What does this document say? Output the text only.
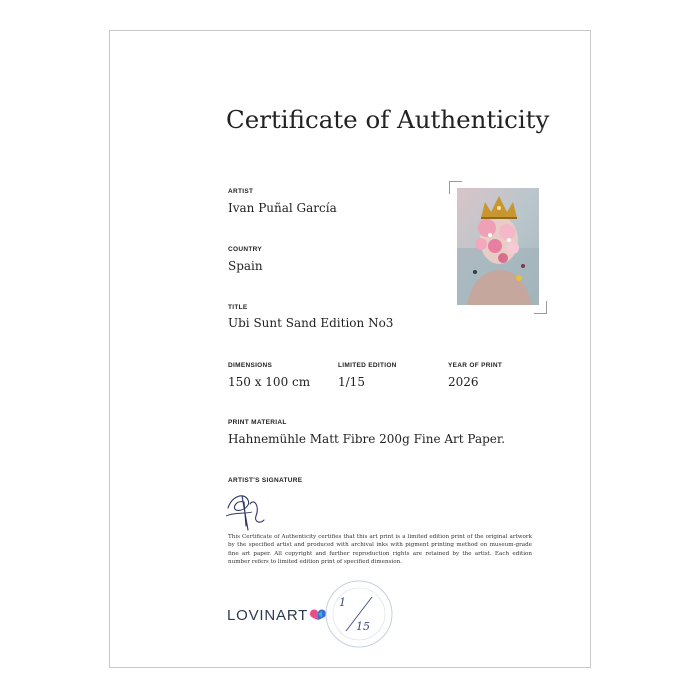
Certificate of Authenticity
ARTIST
Ivan Puñal García
COUNTRY
Spain
TITLE
Ubi Sunt Sand Edition No3
DIMENSIONS
150 x 100 cm
LIMITED EDITION
1/15
YEAR OF PRINT
2026
PRINT MATERIAL
Hahnemühle Matt Fibre 200g Fine Art Paper.
ARTIST'S SIGNATURE
This Certificate of Authenticity certifies that this art print is a limited edition print of the original artwork by the specified artist and produced with archival inks with pigment printing method on museum-grade fine art paper. All copyright and further reproduction rights are retained by the artist. Each edition number refers to limited edition print of specified dimension.
LOVINART
1
15
